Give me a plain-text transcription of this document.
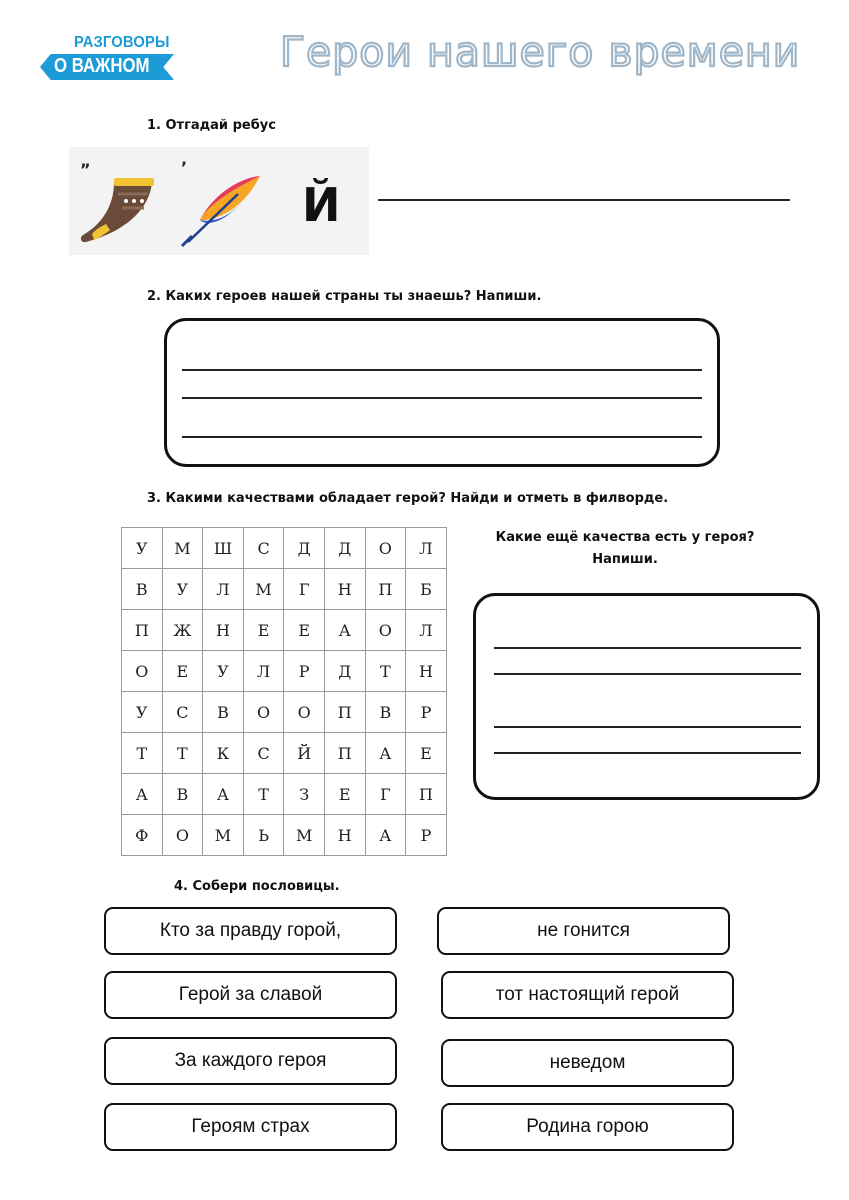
РАЗГОВОРЫ
О ВАЖНОМ	Герои нашего времени
1. Отгадай ребус
”	’
Й
2. Каких героев нашей страны ты знаешь? Напиши.
3. Какими качествами обладает герой? Найди и отметь в филворде.
У	М	Ш	С	Д	Д	О	Л
В	У	Л	М	Г	Н	П	Б
П	Ж	Н	Е	Е	А	О	Л
О	Е	У	Л	Р	Д	Т	Н
У	С	В	О	О	П	В	Р
Т	Т	К	С	Й	П	А	Е
А	В	А	Т	З	Е	Г	П
Ф	О	М	Ь	М	Н	А	Р
Какие ещё качества есть у героя? Напиши.
4. Собери пословицы.
Кто за правду горой,	не гонится
Герой за славой	тот настоящий герой
За каждого героя	неведом
Героям страх	Родина горою
